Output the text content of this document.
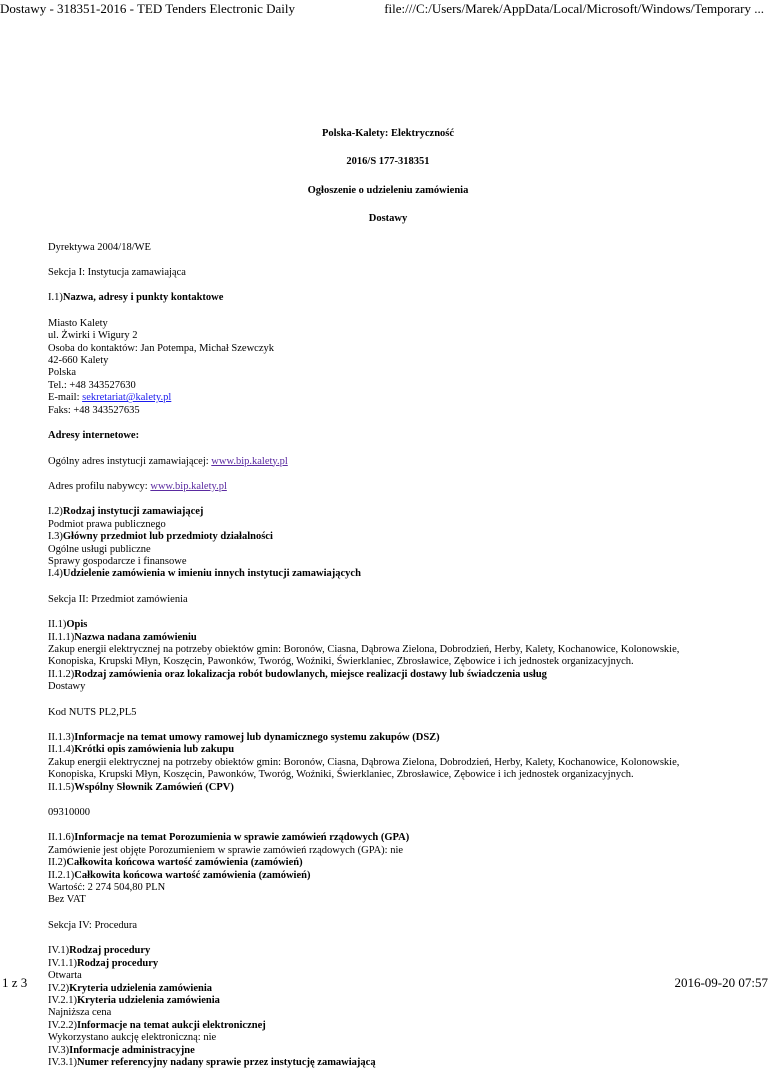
Dostawy - 318351-2016 - TED Tenders Electronic Daily	file:///C:/Users/Marek/AppData/Local/Microsoft/Windows/Temporary ...
Polska-Kalety: Elektryczność
2016/S 177-318351
Ogłoszenie o udzieleniu zamówienia
Dostawy
Dyrektywa 2004/18/WE
Sekcja I: Instytucja zamawiająca
I.1)Nazwa, adresy i punkty kontaktowe
Miasto Kalety
ul. Żwirki i Wigury 2
Osoba do kontaktów: Jan Potempa, Michał Szewczyk
42-660 Kalety
Polska
Tel.: +48 343527630
E-mail: sekretariat@kalety.pl
Faks: +48 343527635
Adresy internetowe:
Ogólny adres instytucji zamawiającej: www.bip.kalety.pl
Adres profilu nabywcy: www.bip.kalety.pl
I.2)Rodzaj instytucji zamawiającej
Podmiot prawa publicznego
I.3)Główny przedmiot lub przedmioty działalności
Ogólne usługi publiczne
Sprawy gospodarcze i finansowe
I.4)Udzielenie zamówienia w imieniu innych instytucji zamawiających
Sekcja II: Przedmiot zamówienia
II.1)Opis
II.1.1)Nazwa nadana zamówieniu
Zakup energii elektrycznej na potrzeby obiektów gmin: Boronów, Ciasna, Dąbrowa Zielona, Dobrodzień, Herby, Kalety, Kochanowice, Kolonowskie,
Konopiska, Krupski Młyn, Koszęcin, Pawonków, Tworóg, Woźniki, Świerklaniec, Zbrosławice, Zębowice i ich jednostek organizacyjnych.
II.1.2)Rodzaj zamówienia oraz lokalizacja robót budowlanych, miejsce realizacji dostawy lub świadczenia usług
Dostawy
Kod NUTS PL2,PL5
II.1.3)Informacje na temat umowy ramowej lub dynamicznego systemu zakupów (DSZ)
II.1.4)Krótki opis zamówienia lub zakupu
Zakup energii elektrycznej na potrzeby obiektów gmin: Boronów, Ciasna, Dąbrowa Zielona, Dobrodzień, Herby, Kalety, Kochanowice, Kolonowskie,
Konopiska, Krupski Młyn, Koszęcin, Pawonków, Tworóg, Woźniki, Świerklaniec, Zbrosławice, Zębowice i ich jednostek organizacyjnych.
II.1.5)Wspólny Słownik Zamówień (CPV)
09310000
II.1.6)Informacje na temat Porozumienia w sprawie zamówień rządowych (GPA)
Zamówienie jest objęte Porozumieniem w sprawie zamówień rządowych (GPA): nie
II.2)Całkowita końcowa wartość zamówienia (zamówień)
II.2.1)Całkowita końcowa wartość zamówienia (zamówień)
Wartość: 2 274 504,80 PLN
Bez VAT
Sekcja IV: Procedura
IV.1)Rodzaj procedury
IV.1.1)Rodzaj procedury
Otwarta
IV.2)Kryteria udzielenia zamówienia
IV.2.1)Kryteria udzielenia zamówienia
Najniższa cena
IV.2.2)Informacje na temat aukcji elektronicznej
Wykorzystano aukcję elektroniczną: nie
IV.3)Informacje administracyjne
IV.3.1)Numer referencyjny nadany sprawie przez instytucję zamawiającą
1 z 3	2016-09-20 07:57
